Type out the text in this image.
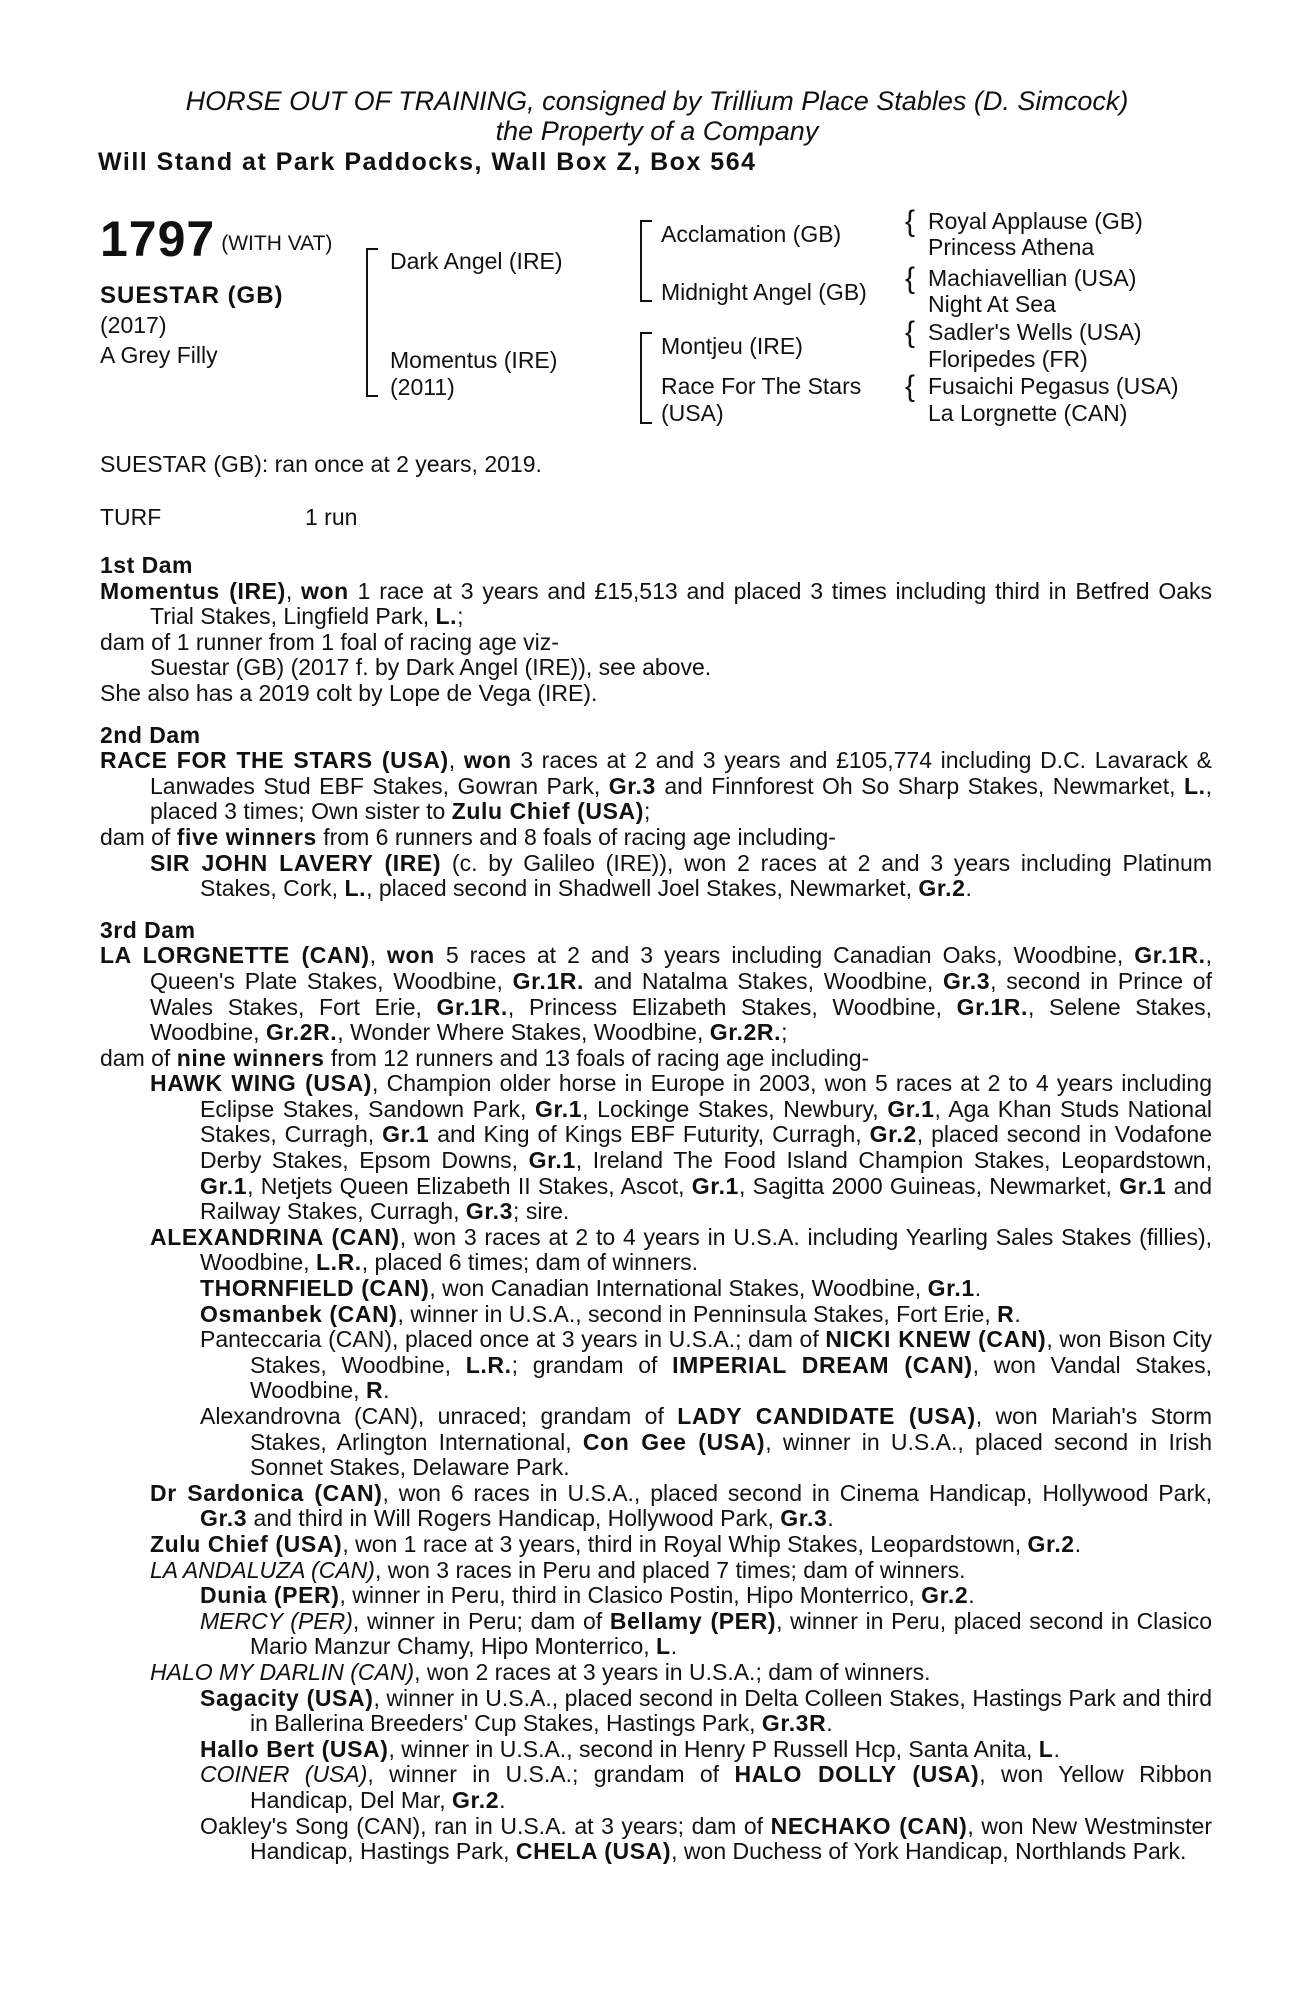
HORSE OUT OF TRAINING, consigned by Trillium Place Stables (D. Simcock)
the Property of a Company
Will Stand at Park Paddocks, Wall Box Z, Box 564
1797 (WITH VAT)
SUESTAR (GB)
(2017)
A Grey Filly
Dark Angel (IRE)
Momentus (IRE)
(2011)
Acclamation (GB)
Midnight Angel (GB)
Montjeu (IRE)
Race For The Stars
(USA)
{ Royal Applause (GB)
Princess Athena
{ Machiavellian (USA)
Night At Sea
{ Sadler's Wells (USA)
Floripedes (FR)
{ Fusaichi Pegasus (USA)
La Lorgnette (CAN)
SUESTAR (GB): ran once at 2 years, 2019.
TURF	1 run
1st Dam

Momentus (IRE), won 1 race at 3 years and £15,513 and placed 3 times including third in Betfred Oaks Trial Stakes, Lingfield Park, L.;

dam of 1 runner from 1 foal of racing age viz-

Suestar (GB) (2017 f. by Dark Angel (IRE)), see above.

She also has a 2019 colt by Lope de Vega (IRE).

2nd Dam

RACE FOR THE STARS (USA), won 3 races at 2 and 3 years and £105,774 including D.C. Lavarack & Lanwades Stud EBF Stakes, Gowran Park, Gr.3 and Finnforest Oh So Sharp Stakes, Newmarket, L., placed 3 times; Own sister to Zulu Chief (USA);

dam of five winners from 6 runners and 8 foals of racing age including-

SIR JOHN LAVERY (IRE) (c. by Galileo (IRE)), won 2 races at 2 and 3 years including Platinum Stakes, Cork, L., placed second in Shadwell Joel Stakes, Newmarket, Gr.2.

3rd Dam

LA LORGNETTE (CAN), won 5 races at 2 and 3 years including Canadian Oaks, Woodbine, Gr.1R., Queen's Plate Stakes, Woodbine, Gr.1R. and Natalma Stakes, Woodbine, Gr.3, second in Prince of Wales Stakes, Fort Erie, Gr.1R., Princess Elizabeth Stakes, Woodbine, Gr.1R., Selene Stakes, Woodbine, Gr.2R., Wonder Where Stakes, Woodbine, Gr.2R.;

dam of nine winners from 12 runners and 13 foals of racing age including-

HAWK WING (USA), Champion older horse in Europe in 2003, won 5 races at 2 to 4 years including Eclipse Stakes, Sandown Park, Gr.1, Lockinge Stakes, Newbury, Gr.1, Aga Khan Studs National Stakes, Curragh, Gr.1 and King of Kings EBF Futurity, Curragh, Gr.2, placed second in Vodafone Derby Stakes, Epsom Downs, Gr.1, Ireland The Food Island Champion Stakes, Leopardstown, Gr.1, Netjets Queen Elizabeth II Stakes, Ascot, Gr.1, Sagitta 2000 Guineas, Newmarket, Gr.1 and Railway Stakes, Curragh, Gr.3; sire.

ALEXANDRINA (CAN), won 3 races at 2 to 4 years in U.S.A. including Yearling Sales Stakes (fillies), Woodbine, L.R., placed 6 times; dam of winners.

THORNFIELD (CAN), won Canadian International Stakes, Woodbine, Gr.1.

Osmanbek (CAN), winner in U.S.A., second in Penninsula Stakes, Fort Erie, R.

Panteccaria (CAN), placed once at 3 years in U.S.A.; dam of NICKI KNEW (CAN), won Bison City Stakes, Woodbine, L.R.; grandam of IMPERIAL DREAM (CAN), won Vandal Stakes, Woodbine, R.

Alexandrovna (CAN), unraced; grandam of LADY CANDIDATE (USA), won Mariah's Storm Stakes, Arlington International, Con Gee (USA), winner in U.S.A., placed second in Irish Sonnet Stakes, Delaware Park.

Dr Sardonica (CAN), won 6 races in U.S.A., placed second in Cinema Handicap, Hollywood Park, Gr.3 and third in Will Rogers Handicap, Hollywood Park, Gr.3.

Zulu Chief (USA), won 1 race at 3 years, third in Royal Whip Stakes, Leopardstown, Gr.2.

LA ANDALUZA (CAN), won 3 races in Peru and placed 7 times; dam of winners.

Dunia (PER), winner in Peru, third in Clasico Postin, Hipo Monterrico, Gr.2.

MERCY (PER), winner in Peru; dam of Bellamy (PER), winner in Peru, placed second in Clasico Mario Manzur Chamy, Hipo Monterrico, L.

HALO MY DARLIN (CAN), won 2 races at 3 years in U.S.A.; dam of winners.

Sagacity (USA), winner in U.S.A., placed second in Delta Colleen Stakes, Hastings Park and third in Ballerina Breeders' Cup Stakes, Hastings Park, Gr.3R.

Hallo Bert (USA), winner in U.S.A., second in Henry P Russell Hcp, Santa Anita, L.

COINER (USA), winner in U.S.A.; grandam of HALO DOLLY (USA), won Yellow Ribbon Handicap, Del Mar, Gr.2.

Oakley's Song (CAN), ran in U.S.A. at 3 years; dam of NECHAKO (CAN), won New Westminster Handicap, Hastings Park, CHELA (USA), won Duchess of York Handicap, Northlands Park.
